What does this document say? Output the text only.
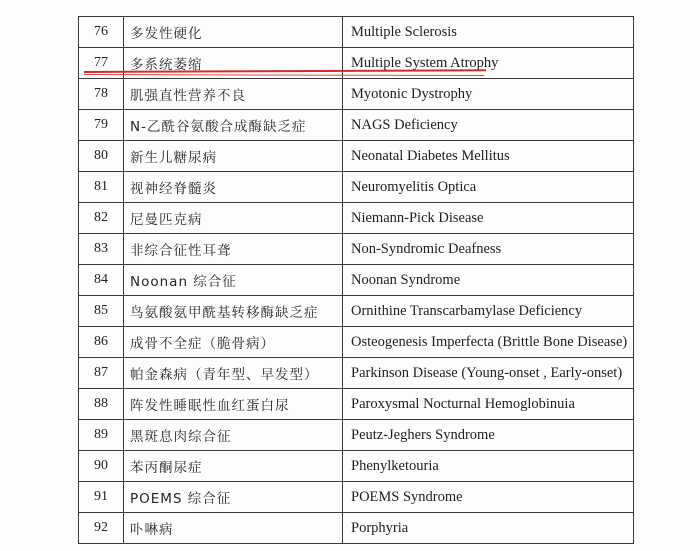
76	多发性硬化	Multiple Sclerosis
77	多系统萎缩	Multiple System Atrophy
78	肌强直性营养不良	Myotonic Dystrophy
79	N-乙酰谷氨酸合成酶缺乏症	NAGS Deficiency
80	新生儿糖尿病	Neonatal Diabetes Mellitus
81	视神经脊髓炎	Neuromyelitis Optica
82	尼曼匹克病	Niemann-Pick Disease
83	非综合征性耳聋	Non-Syndromic Deafness
84	Noonan 综合征	Noonan Syndrome
85	鸟氨酸氨甲酰基转移酶缺乏症	Ornithine Transcarbamylase Deficiency
86	成骨不全症（脆骨病）	Osteogenesis Imperfecta (Brittle Bone Disease)
87	帕金森病（青年型、早发型）	Parkinson Disease (Young-onset , Early-onset)
88	阵发性睡眠性血红蛋白尿	Paroxysmal Nocturnal Hemoglobinuia
89	黑斑息肉综合征	Peutz-Jeghers Syndrome
90	苯丙酮尿症	Phenylketouria
91	POEMS 综合征	POEMS Syndrome
92	卟啉病	Porphyria
